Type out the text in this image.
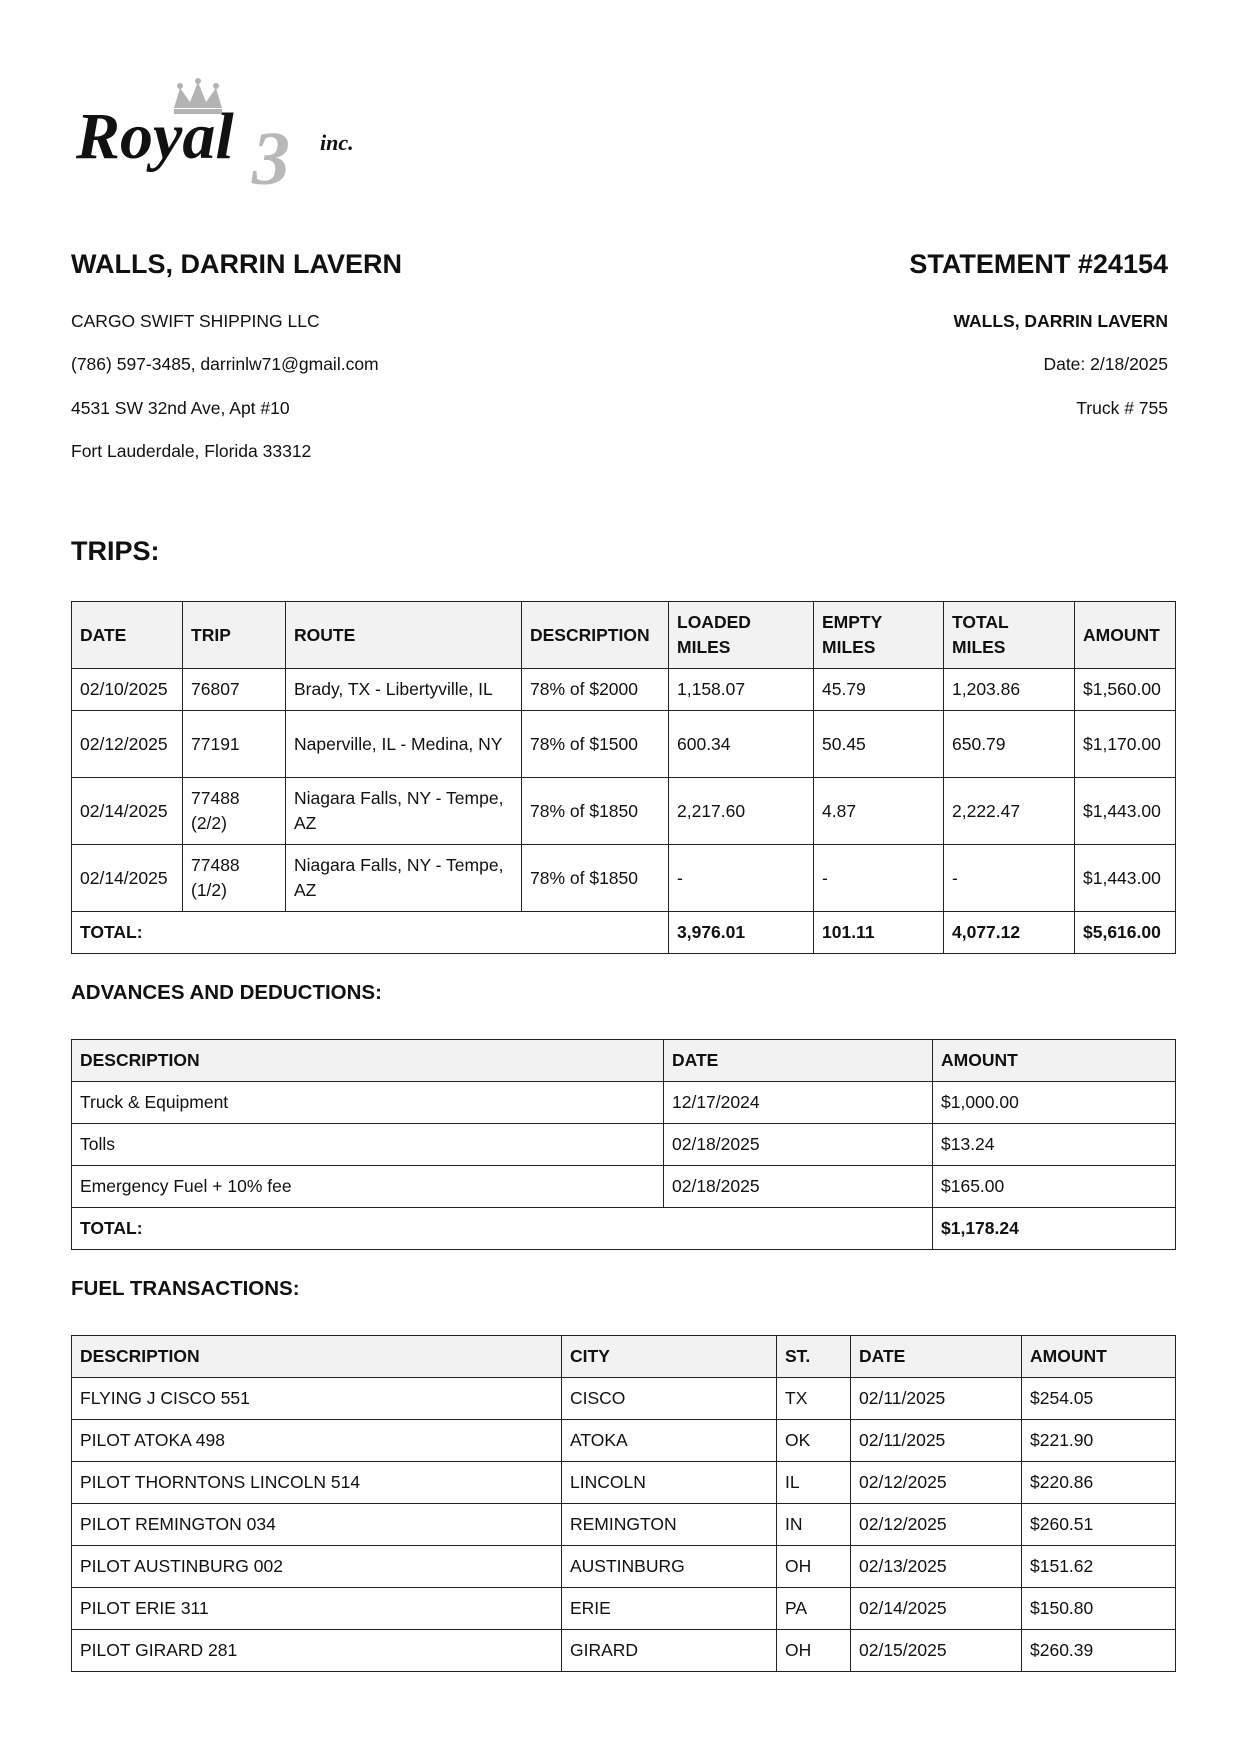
3
Royal	inc.
WALLS, DARRIN LAVERN
CARGO SWIFT SHIPPING LLC
(786) 597-3485, darrinlw71@gmail.com
4531 SW 32nd Ave, Apt #10
Fort Lauderdale, Florida 33312
STATEMENT #24154
WALLS, DARRIN LAVERN
Date: 2/18/2025
Truck # 755
TRIPS:
DATE	TRIP	ROUTE	DESCRIPTION	LOADED MILES	EMPTY MILES	TOTAL MILES	AMOUNT
02/10/2025	76807	Brady, TX - Libertyville, IL	78% of $2000	1,158.07	45.79	1,203.86	$1,560.00
02/12/2025	77191	Naperville, IL - Medina, NY	78% of $1500	600.34	50.45	650.79	$1,170.00
02/14/2025	77488 (2/2)	Niagara Falls, NY - Tempe, AZ	78% of $1850	2,217.60	4.87	2,222.47	$1,443.00
02/14/2025	77488 (1/2)	Niagara Falls, NY - Tempe, AZ	78% of $1850	-	-	-	$1,443.00
TOTAL:				3,976.01	101.11	4,077.12	$5,616.00
ADVANCES AND DEDUCTIONS:
DESCRIPTION	DATE	AMOUNT
Truck & Equipment	12/17/2024	$1,000.00
Tolls	02/18/2025	$13.24
Emergency Fuel + 10% fee	02/18/2025	$165.00
TOTAL:		$1,178.24
FUEL TRANSACTIONS:
DESCRIPTION	CITY	ST.	DATE	AMOUNT
FLYING J CISCO 551	CISCO	TX	02/11/2025	$254.05
PILOT ATOKA 498	ATOKA	OK	02/11/2025	$221.90
PILOT THORNTONS LINCOLN 514	LINCOLN	IL	02/12/2025	$220.86
PILOT REMINGTON 034	REMINGTON	IN	02/12/2025	$260.51
PILOT AUSTINBURG 002	AUSTINBURG	OH	02/13/2025	$151.62
PILOT ERIE 311	ERIE	PA	02/14/2025	$150.80
PILOT GIRARD 281	GIRARD	OH	02/15/2025	$260.39
